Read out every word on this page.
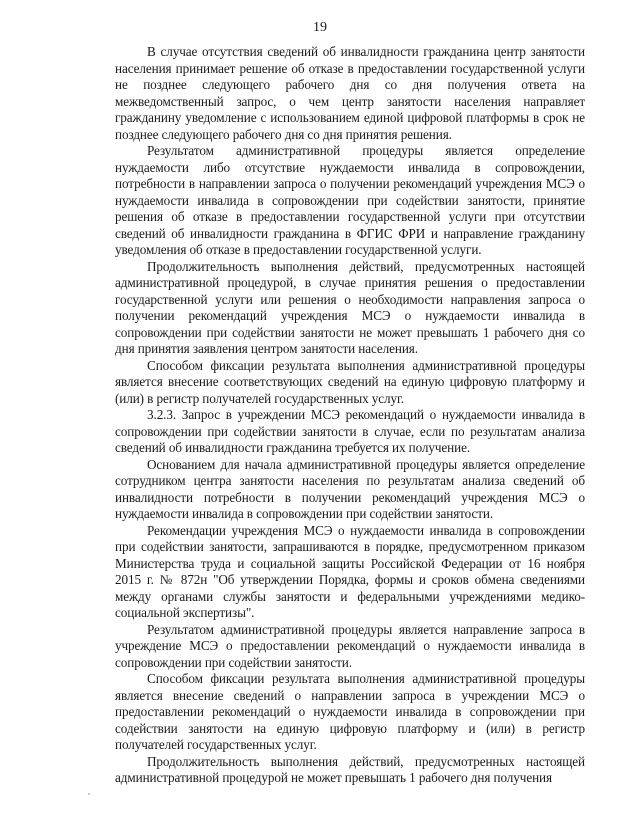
19

В случае отсутствия сведений об инвалидности гражданина центр занятости населения принимает решение об отказе в предоставлении государственной услуги не позднее следующего рабочего дня со дня получения ответа на межведомственный запрос, о чем центр занятости населения направляет гражданину уведомление с использованием единой цифровой платформы в срок не позднее следующего рабочего дня со дня принятия решения.

Результатом административной процедуры является определение нуждаемости либо отсутствие нуждаемости инвалида в сопровождении, потребности в направлении запроса о получении рекомендаций учреждения МСЭ о нуждаемости инвалида в сопровождении при содействии занятости, принятие решения об отказе в предоставлении государственной услуги при отсутствии сведений об инвалидности гражданина в ФГИС ФРИ и направление гражданину уведомления об отказе в предоставлении государственной услуги.

Продолжительность выполнения действий, предусмотренных настоящей административной процедурой, в случае принятия решения о предоставлении государственной услуги или решения о необходимости направления запроса о получении рекомендаций учреждения МСЭ о нуждаемости инвалида в сопровождении при содействии занятости не может превышать 1 рабочего дня со дня принятия заявления центром занятости населения.

Способом фиксации результата выполнения административной процедуры является внесение соответствующих сведений на единую цифровую платформу и (или) в регистр получателей государственных услуг.

3.2.3. Запрос в учреждении МСЭ рекомендаций о нуждаемости инвалида в сопровождении при содействии занятости в случае, если по результатам анализа сведений об инвалидности гражданина требуется их получение.

Основанием для начала административной процедуры является определение сотрудником центра занятости населения по результатам анализа сведений об инвалидности потребности в получении рекомендаций учреждения МСЭ о нуждаемости инвалида в сопровождении при содействии занятости.

Рекомендации учреждения МСЭ о нуждаемости инвалида в сопровождении при содействии занятости, запрашиваются в порядке, предусмотренном приказом Министерства труда и социальной защиты Российской Федерации от 16 ноября 2015 г. № 872н "Об утверждении Порядка, формы и сроков обмена сведениями между органами службы занятости и федеральными учреждениями медико-социальной экспертизы".

Результатом административной процедуры является направление запроса в учреждение МСЭ о предоставлении рекомендаций о нуждаемости инвалида в сопровождении при содействии занятости.

Способом фиксации результата выполнения административной процедуры является внесение сведений о направлении запроса в учреждении МСЭ о предоставлении рекомендаций о нуждаемости инвалида в сопровождении при содействии занятости на единую цифровую платформу и (или) в регистр получателей государственных услуг.

Продолжительность выполнения действий, предусмотренных настоящей административной процедурой не может превышать 1 рабочего дня получения
